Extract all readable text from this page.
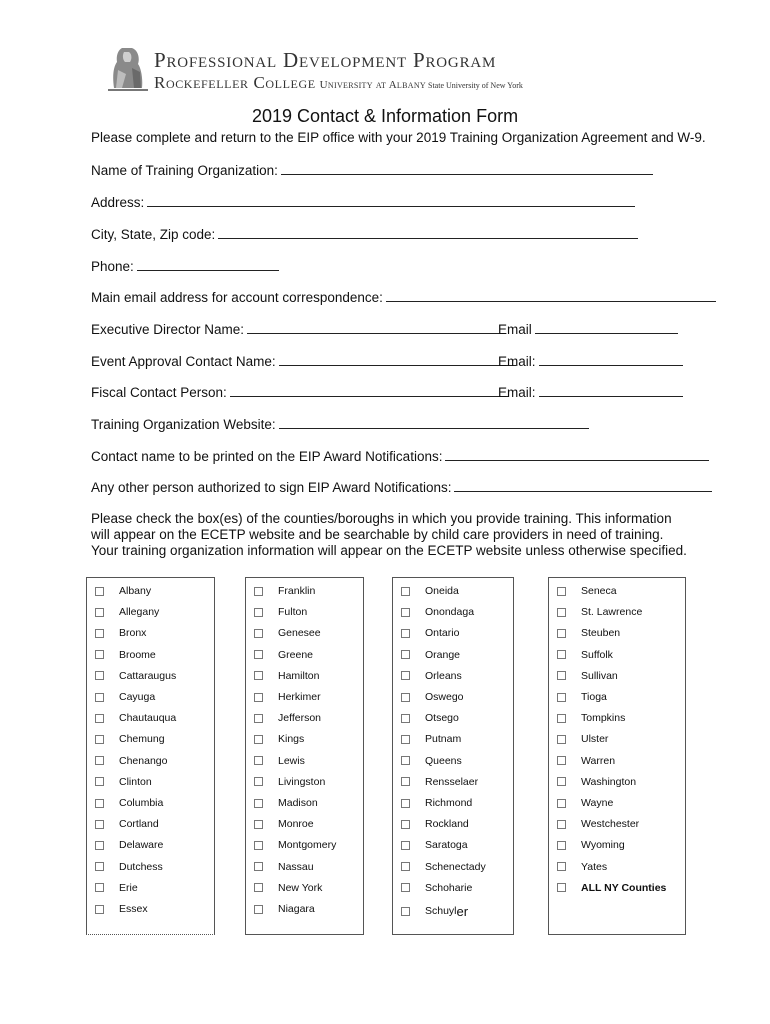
Professional Development Program
Rockefeller College University at Albany State University of New York
2019 Contact & Information Form
Please complete and return to the EIP office with your 2019 Training Organization Agreement and W-9.
Name of Training Organization:
Address:
City, State, Zip code:
Phone:
Main email address for account correspondence:
Executive Director Name:	Email
Event Approval Contact Name:	Email:
Fiscal Contact Person:	Email:
Training Organization Website:
Contact name to be printed on the EIP Award Notifications:
Any other person authorized to sign EIP Award Notifications:
Please check the box(es) of the counties/boroughs in which you provide training. This information will appear on the ECETP website and be searchable by child care providers in need of training. Your training organization information will appear on the ECETP website unless otherwise specified.
Albany
Allegany
Bronx
Broome
Cattaraugus
Cayuga
Chautauqua
Chemung
Chenango
Clinton
Columbia
Cortland
Delaware
Dutchess
Erie
Essex
Franklin
Fulton
Genesee
Greene
Hamilton
Herkimer
Jefferson
Kings
Lewis
Livingston
Madison
Monroe
Montgomery
Nassau
New York
Niagara
Oneida
Onondaga
Ontario
Orange
Orleans
Oswego
Otsego
Putnam
Queens
Rensselaer
Richmond
Rockland
Saratoga
Schenectady
Schoharie
Schuyl er
Seneca
St. Lawrence
Steuben
Suffolk
Sullivan
Tioga
Tompkins
Ulster
Warren
Washington
Wayne
Westchester
Wyoming
Yates
ALL NY Counties
